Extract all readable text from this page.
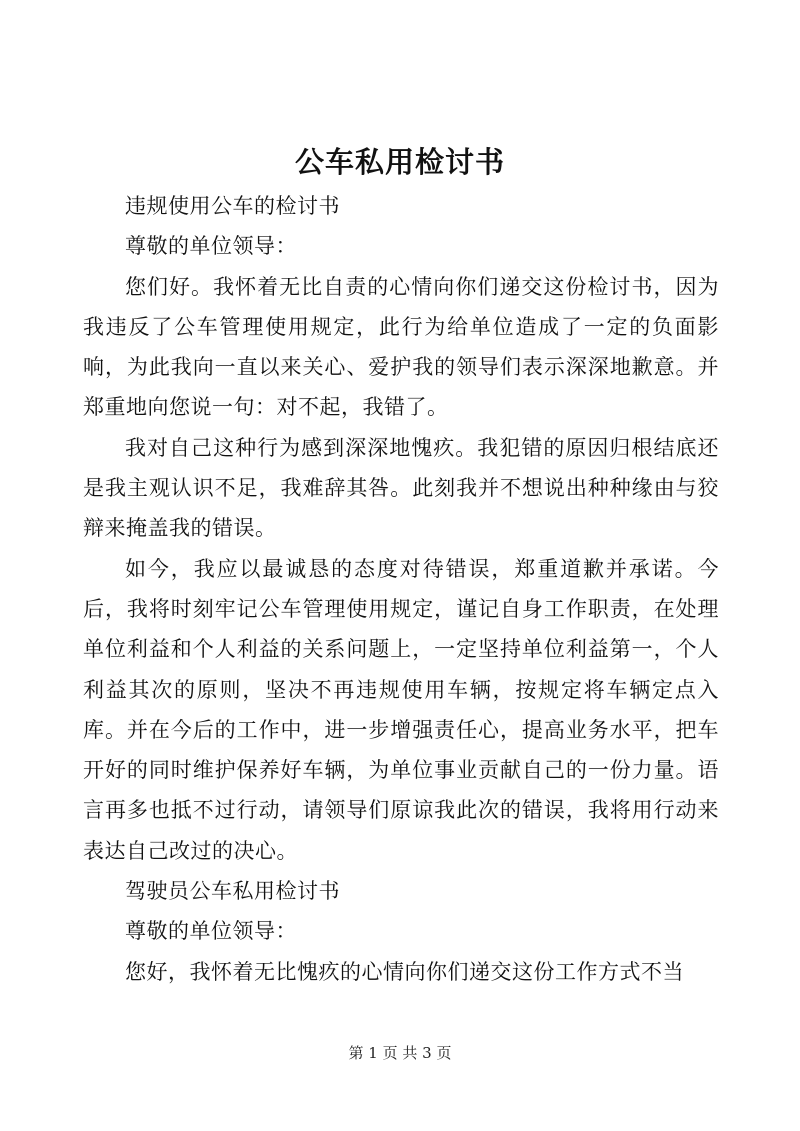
公车私用检讨书

违规使用公车的检讨书

尊敬的单位领导：

您们好。我怀着无比自责的心情向你们递交这份检讨书，因为我违反了公车管理使用规定，此行为给单位造成了一定的负面影响，为此我向一直以来关心、爱护我的领导们表示深深地歉意。并郑重地向您说一句：对不起，我错了。

我对自己这种行为感到深深地愧疚。我犯错的原因归根结底还是我主观认识不足，我难辞其咎。此刻我并不想说出种种缘由与狡辩来掩盖我的错误。

如今，我应以最诚恳的态度对待错误，郑重道歉并承诺。今后，我将时刻牢记公车管理使用规定，谨记自身工作职责，在处理单位利益和个人利益的关系问题上，一定坚持单位利益第一，个人利益其次的原则，坚决不再违规使用车辆，按规定将车辆定点入库。并在今后的工作中，进一步增强责任心，提高业务水平，把车开好的同时维护保养好车辆，为单位事业贡献自己的一份力量。语言再多也抵不过行动，请领导们原谅我此次的错误，我将用行动来表达自己改过的决心。

驾驶员公车私用检讨书

尊敬的单位领导：

您好，我怀着无比愧疚的心情向你们递交这份工作方式不当

第 1 页 共 3 页
